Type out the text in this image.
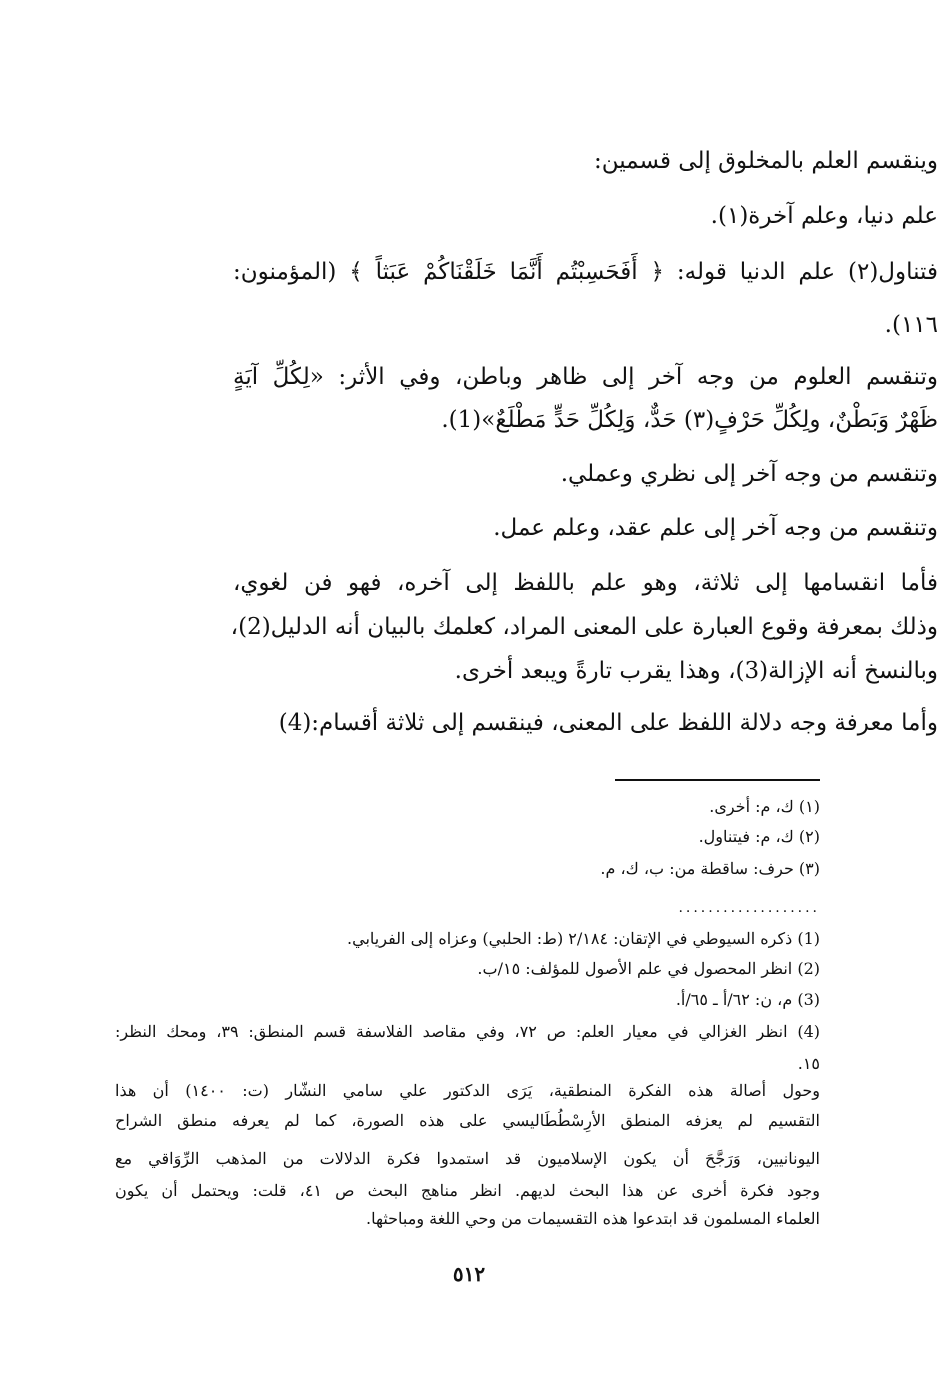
وينقسم العلم بالمخلوق إلى قسمين:
علم دنيا، وعلم آخرة(١).
فتناول(٢) علم الدنيا قوله: ﴿ أَفَحَسِبْتُم أَنَّمَا خَلَقْنَاكُمْ عَبَثاً ﴾ (المؤمنون:
١١٦).
وتنقسم العلوم من وجه آخر إلى ظاهر وباطن، وفي الأثر: «لِكُلِّ آيَةٍ
ظَهْرٌ وَبَطْنٌ، ولِكُلِّ حَرْفٍ(٣) حَدٌّ، وَلِكُلِّ حَدٍّ مَطْلَعٌ»(1).
وتنقسم من وجه آخر إلى نظري وعملي.
وتنقسم من وجه آخر إلى علم عقد، وعلم عمل.
فأما انقسامها إلى ثلاثة، وهو علم باللفظ إلى آخره، فهو فن لغوي،
وذلك بمعرفة وقوع العبارة على المعنى المراد، كعلمك بالبيان أنه الدليل(2)،
وبالنسخ أنه الإزالة(3)، وهذا يقرب تارةً ويبعد أخرى.
وأما معرفة وجه دلالة اللفظ على المعنى، فينقسم إلى ثلاثة أقسام:(4)
(١) ك، م: أخرى.
(٢) ك، م: فيتناول.
(٣) حرف: ساقطة من: ب، ك، م.
...................
(1) ذكره السيوطي في الإتقان: ٢/١٨٤ (ط: الحلبي) وعزاه إلى الفريابي.
(2) انظر المحصول في علم الأصول للمؤلف: ١٥/ب.
(3) م، ن: ٦٢/أ ـ ٦٥/أ.
(4) انظر الغزالي في معيار العلم: ص ٧٢، وفي مقاصد الفلاسفة قسم المنطق: ٣٩، ومحك النظر:
١٥.
وحول أصالة هذه الفكرة المنطقية، يَرَى الدكتور علي سامي النشّار (ت: ١٤٠٠) أن هذا
التقسيم لم يعزفه المنطق الأرِسْطُطَاليسي على هذه الصورة، كما لم يعرفه منطق الشراح
اليونانيين، وَرَجَّحَ أن يكون الإسلاميون قد استمدوا فكرة الدلالات من المذهب الرِّوَاقي مع
وجود فكرة أخرى عن هذا البحث لديهم. انظر مناهج البحث ص ٤١، قلت: ويحتمل أن يكون
العلماء المسلمون قد ابتدعوا هذه التقسيمات من وحي اللغة ومباحثها.
٥١٢
